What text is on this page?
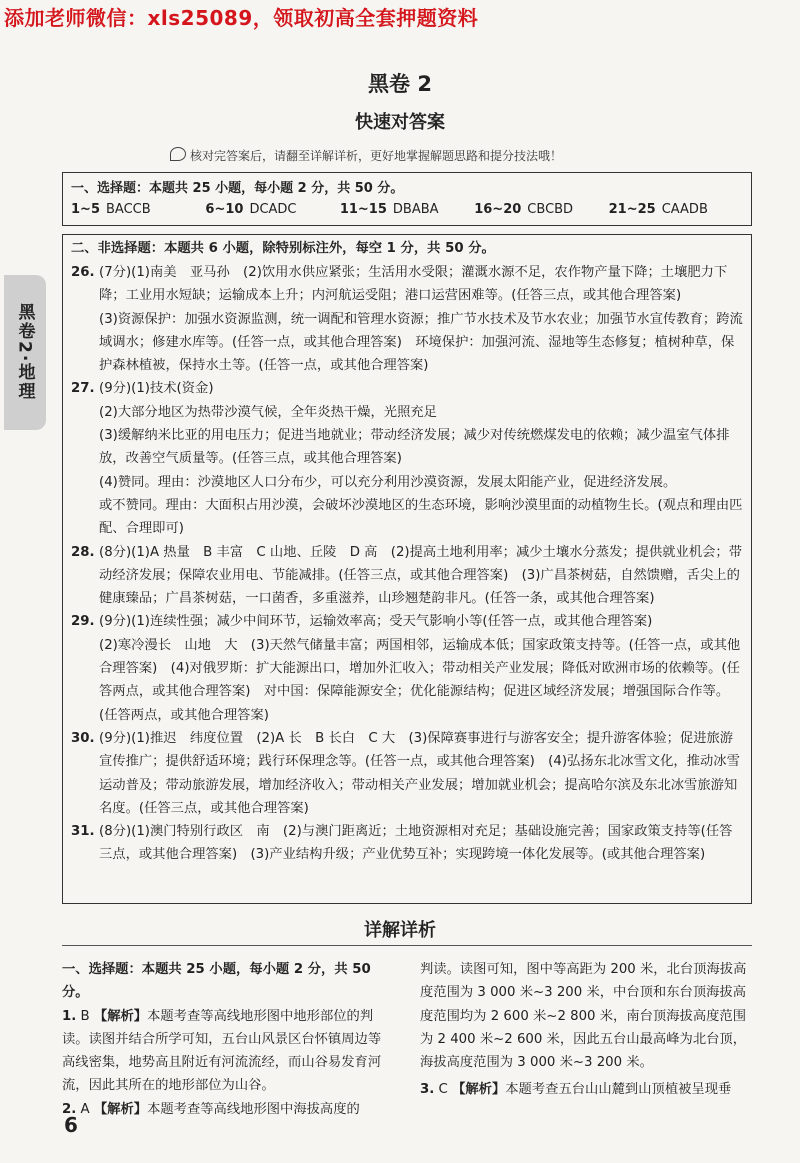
添加老师微信：xls25089，领取初高全套押题资料
黑卷2·地理
黑卷 2
快速对答案
核对完答案后，请翻至详解详析，更好地掌握解题思路和提分技法哦！
一、选择题：本题共 25 小题，每小题 2 分，共 50 分。
1~5 BACCB	6~10 DCADC	11~15 DBABA	16~20 CBCBD	21~25 CAADB
二、非选择题：本题共 6 小题，除特别标注外，每空 1 分，共 50 分。
26. (7分)(1)南美　亚马孙　(2)饮用水供应紧张；生活用水受限；灌溉水源不足，农作物产量下降；土壤肥力下降；工业用水短缺；运输成本上升；内河航运受阻；港口运营困难等。(任答三点，或其他合理答案)

(3)资源保护：加强水资源监测，统一调配和管理水资源；推广节水技术及节水农业；加强节水宣传教育；跨流域调水；修建水库等。(任答一点，或其他合理答案)　环境保护：加强河流、湿地等生态修复；植树种草，保护森林植被，保持水土等。(任答一点，或其他合理答案)

27. (9分)(1)技术(资金)

(2)大部分地区为热带沙漠气候，全年炎热干燥，光照充足

(3)缓解纳米比亚的用电压力；促进当地就业；带动经济发展；减少对传统燃煤发电的依赖；减少温室气体排放，改善空气质量等。(任答三点，或其他合理答案)

(4)赞同。理由：沙漠地区人口分布少，可以充分利用沙漠资源，发展太阳能产业，促进经济发展。

或不赞同。理由：大面积占用沙漠，会破坏沙漠地区的生态环境，影响沙漠里面的动植物生长。(观点和理由匹配、合理即可)

28. (8分)(1)A 热量　B 丰富　C 山地、丘陵　D 高　(2)提高土地利用率；减少土壤水分蒸发；提供就业机会；带动经济发展；保障农业用电、节能减排。(任答三点，或其他合理答案)　(3)广昌茶树菇，自然馈赠，舌尖上的健康臻品；广昌茶树菇，一口菌香，多重滋养，山珍翘楚韵非凡。(任答一条，或其他合理答案)

29. (9分)(1)连续性强；减少中间环节，运输效率高；受天气影响小等(任答一点，或其他合理答案)

(2)寒冷漫长　山地　大　(3)天然气储量丰富；两国相邻，运输成本低；国家政策支持等。(任答一点，或其他合理答案)　(4)对俄罗斯：扩大能源出口，增加外汇收入；带动相关产业发展；降低对欧洲市场的依赖等。(任答两点，或其他合理答案)　对中国：保障能源安全；优化能源结构；促进区域经济发展；增强国际合作等。(任答两点，或其他合理答案)

30. (9分)(1)推迟　纬度位置　(2)A 长　B 长白　C 大　(3)保障赛事进行与游客安全；提升游客体验；促进旅游宣传推广；提供舒适环境；践行环保理念等。(任答一点，或其他合理答案)　(4)弘扬东北冰雪文化，推动冰雪运动普及；带动旅游发展，增加经济收入；带动相关产业发展；增加就业机会；提高哈尔滨及东北冰雪旅游知名度。(任答三点，或其他合理答案)

31. (8分)(1)澳门特别行政区　南　(2)与澳门距离近；土地资源相对充足；基础设施完善；国家政策支持等(任答三点，或其他合理答案)　(3)产业结构升级；产业优势互补；实现跨境一体化发展等。(或其他合理答案)

详解详析

一、选择题：本题共 25 小题，每小题 2 分，共 50 分。

1. B 【解析】本题考查等高线地形图中地形部位的判读。读图并结合所学可知，五台山风景区台怀镇周边等高线密集，地势高且附近有河流流经，而山谷易发育河流，因此其所在的地形部位为山谷。

2. A 【解析】本题考查等高线地形图中海拔高度的

判读。读图可知，图中等高距为 200 米，北台顶海拔高度范围为 3 000 米~3 200 米，中台顶和东台顶海拔高度范围均为 2 600 米~2 800 米，南台顶海拔高度范围为 2 400 米~2 600 米，因此五台山最高峰为北台顶，海拔高度范围为 3 000 米~3 200 米。

3. C 【解析】本题考查五台山山麓到山顶植被呈现垂

6
